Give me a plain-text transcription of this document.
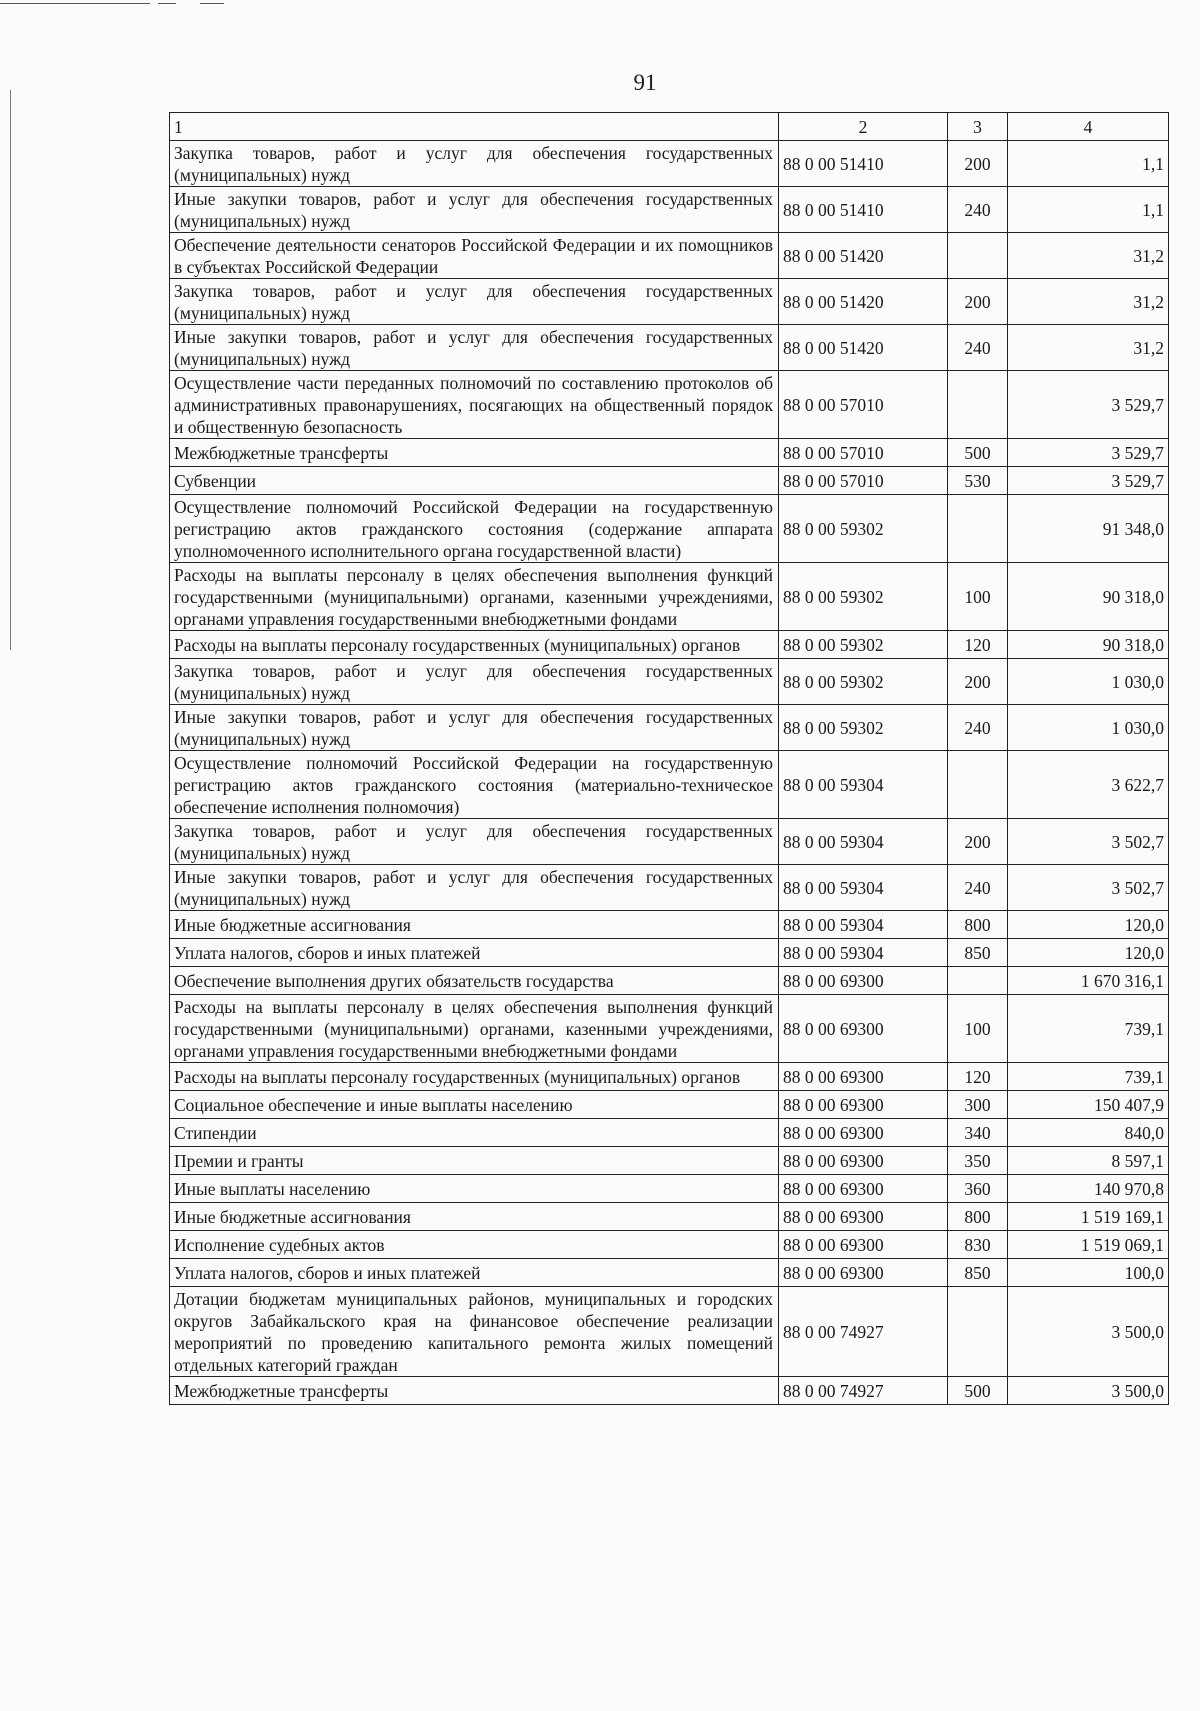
91
1	2	3	4
Закупка товаров, работ и услуг для обеспечения государственных (муниципальных) нужд	88 0 00 51410	200	1,1
Иные закупки товаров, работ и услуг для обеспечения государственных (муниципальных) нужд	88 0 00 51410	240	1,1
Обеспечение деятельности сенаторов Российской Федерации и их помощников в субъектах Российской Федерации	88 0 00 51420		31,2
Закупка товаров, работ и услуг для обеспечения государственных (муниципальных) нужд	88 0 00 51420	200	31,2
Иные закупки товаров, работ и услуг для обеспечения государственных (муниципальных) нужд	88 0 00 51420	240	31,2
Осуществление части переданных полномочий по составлению протоколов об административных правонарушениях, посягающих на общественный порядок и общественную безопасность	88 0 00 57010		3 529,7
Межбюджетные трансферты	88 0 00 57010	500	3 529,7
Субвенции	88 0 00 57010	530	3 529,7
Осуществление полномочий Российской Федерации на государственную регистрацию актов гражданского состояния (содержание аппарата уполномоченного исполнительного органа государственной власти)	88 0 00 59302		91 348,0
Расходы на выплаты персоналу в целях обеспечения выполнения функций государственными (муниципальными) органами, казенными учреждениями, органами управления государственными внебюджетными фондами	88 0 00 59302	100	90 318,0
Расходы на выплаты персоналу государственных (муниципальных) органов	88 0 00 59302	120	90 318,0
Закупка товаров, работ и услуг для обеспечения государственных (муниципальных) нужд	88 0 00 59302	200	1 030,0
Иные закупки товаров, работ и услуг для обеспечения государственных (муниципальных) нужд	88 0 00 59302	240	1 030,0
Осуществление полномочий Российской Федерации на государственную регистрацию актов гражданского состояния (материально-техническое обеспечение исполнения полномочия)	88 0 00 59304		3 622,7
Закупка товаров, работ и услуг для обеспечения государственных (муниципальных) нужд	88 0 00 59304	200	3 502,7
Иные закупки товаров, работ и услуг для обеспечения государственных (муниципальных) нужд	88 0 00 59304	240	3 502,7
Иные бюджетные ассигнования	88 0 00 59304	800	120,0
Уплата налогов, сборов и иных платежей	88 0 00 59304	850	120,0
Обеспечение выполнения других обязательств государства	88 0 00 69300		1 670 316,1
Расходы на выплаты персоналу в целях обеспечения выполнения функций государственными (муниципальными) органами, казенными учреждениями, органами управления государственными внебюджетными фондами	88 0 00 69300	100	739,1
Расходы на выплаты персоналу государственных (муниципальных) органов	88 0 00 69300	120	739,1
Социальное обеспечение и иные выплаты населению	88 0 00 69300	300	150 407,9
Стипендии	88 0 00 69300	340	840,0
Премии и гранты	88 0 00 69300	350	8 597,1
Иные выплаты населению	88 0 00 69300	360	140 970,8
Иные бюджетные ассигнования	88 0 00 69300	800	1 519 169,1
Исполнение судебных актов	88 0 00 69300	830	1 519 069,1
Уплата налогов, сборов и иных платежей	88 0 00 69300	850	100,0
Дотации бюджетам муниципальных районов, муниципальных и городских округов Забайкальского края на финансовое обеспечение реализации мероприятий по проведению капитального ремонта жилых помещений отдельных категорий граждан	88 0 00 74927		3 500,0
Межбюджетные трансферты	88 0 00 74927	500	3 500,0
